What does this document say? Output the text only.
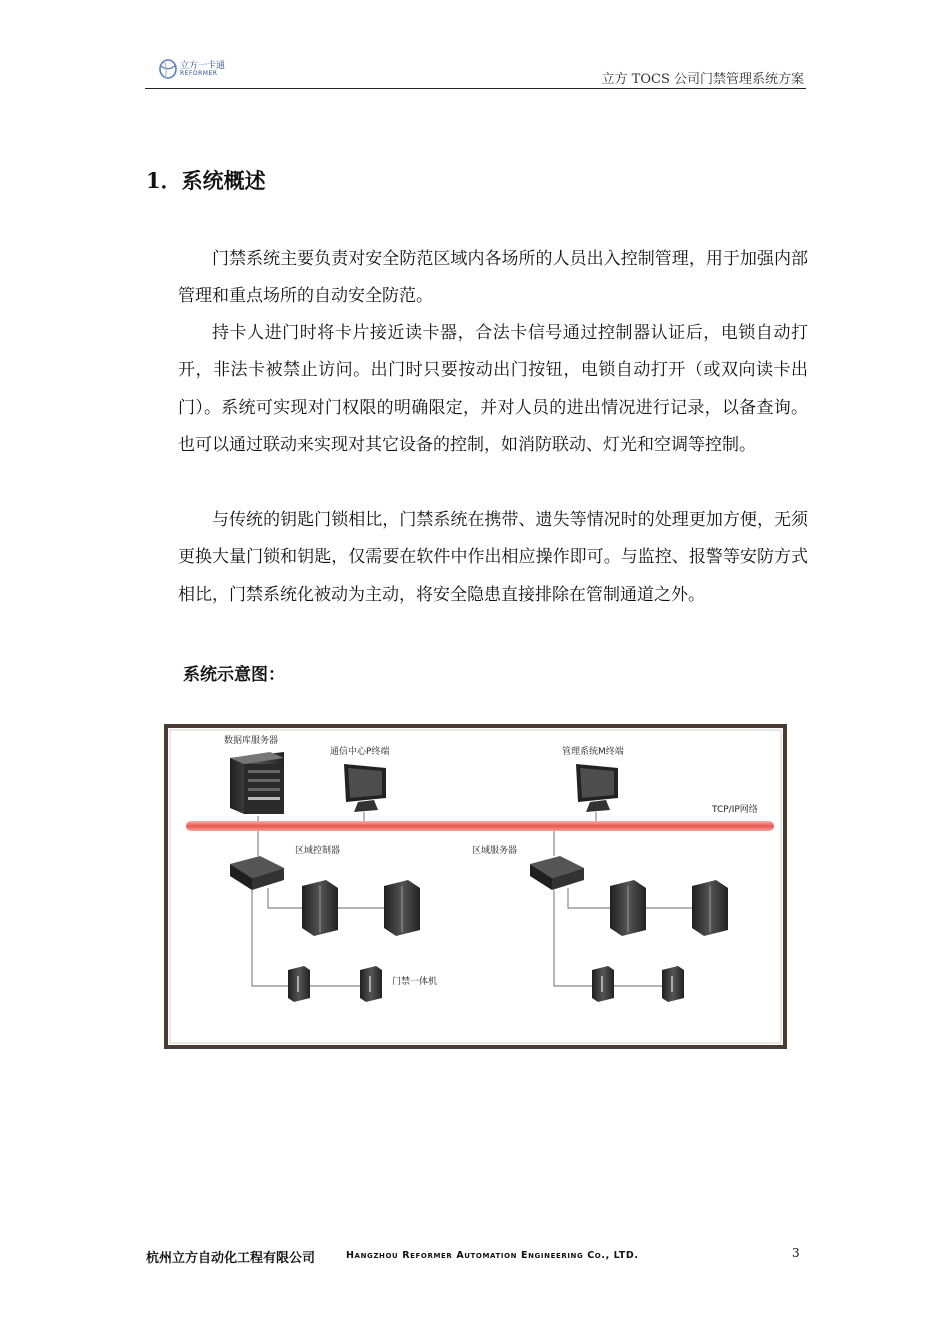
立方一卡通
REFORMER	立方 TOCS 公司门禁管理系统方案
1．系统概述

门禁系统主要负责对安全防范区域内各场所的人员出入控制管理，用于加强内部管理和重点场所的自动安全防范。

持卡人进门时将卡片接近读卡器，合法卡信号通过控制器认证后，电锁自动打开，非法卡被禁止访问。出门时只要按动出门按钮，电锁自动打开（或双向读卡出门）。系统可实现对门权限的明确限定，并对人员的进出情况进行记录，以备查询。也可以通过联动来实现对其它设备的控制，如消防联动、灯光和空调等控制。

与传统的钥匙门锁相比，门禁系统在携带、遗失等情况时的处理更加方便，无须更换大量门锁和钥匙，仅需要在软件中作出相应操作即可。与监控、报警等安防方式相比，门禁系统化被动为主动，将安全隐患直接排除在管制通道之外。

系统示意图：
数据库服务器
通信中心P终端	管理系统M终端
TCP/IP网络
区域控制器	区域服务器
门禁一体机
杭州立方自动化工程有限公司	Hangzhou Reformer Automation Engineering Co., LTD.	3
